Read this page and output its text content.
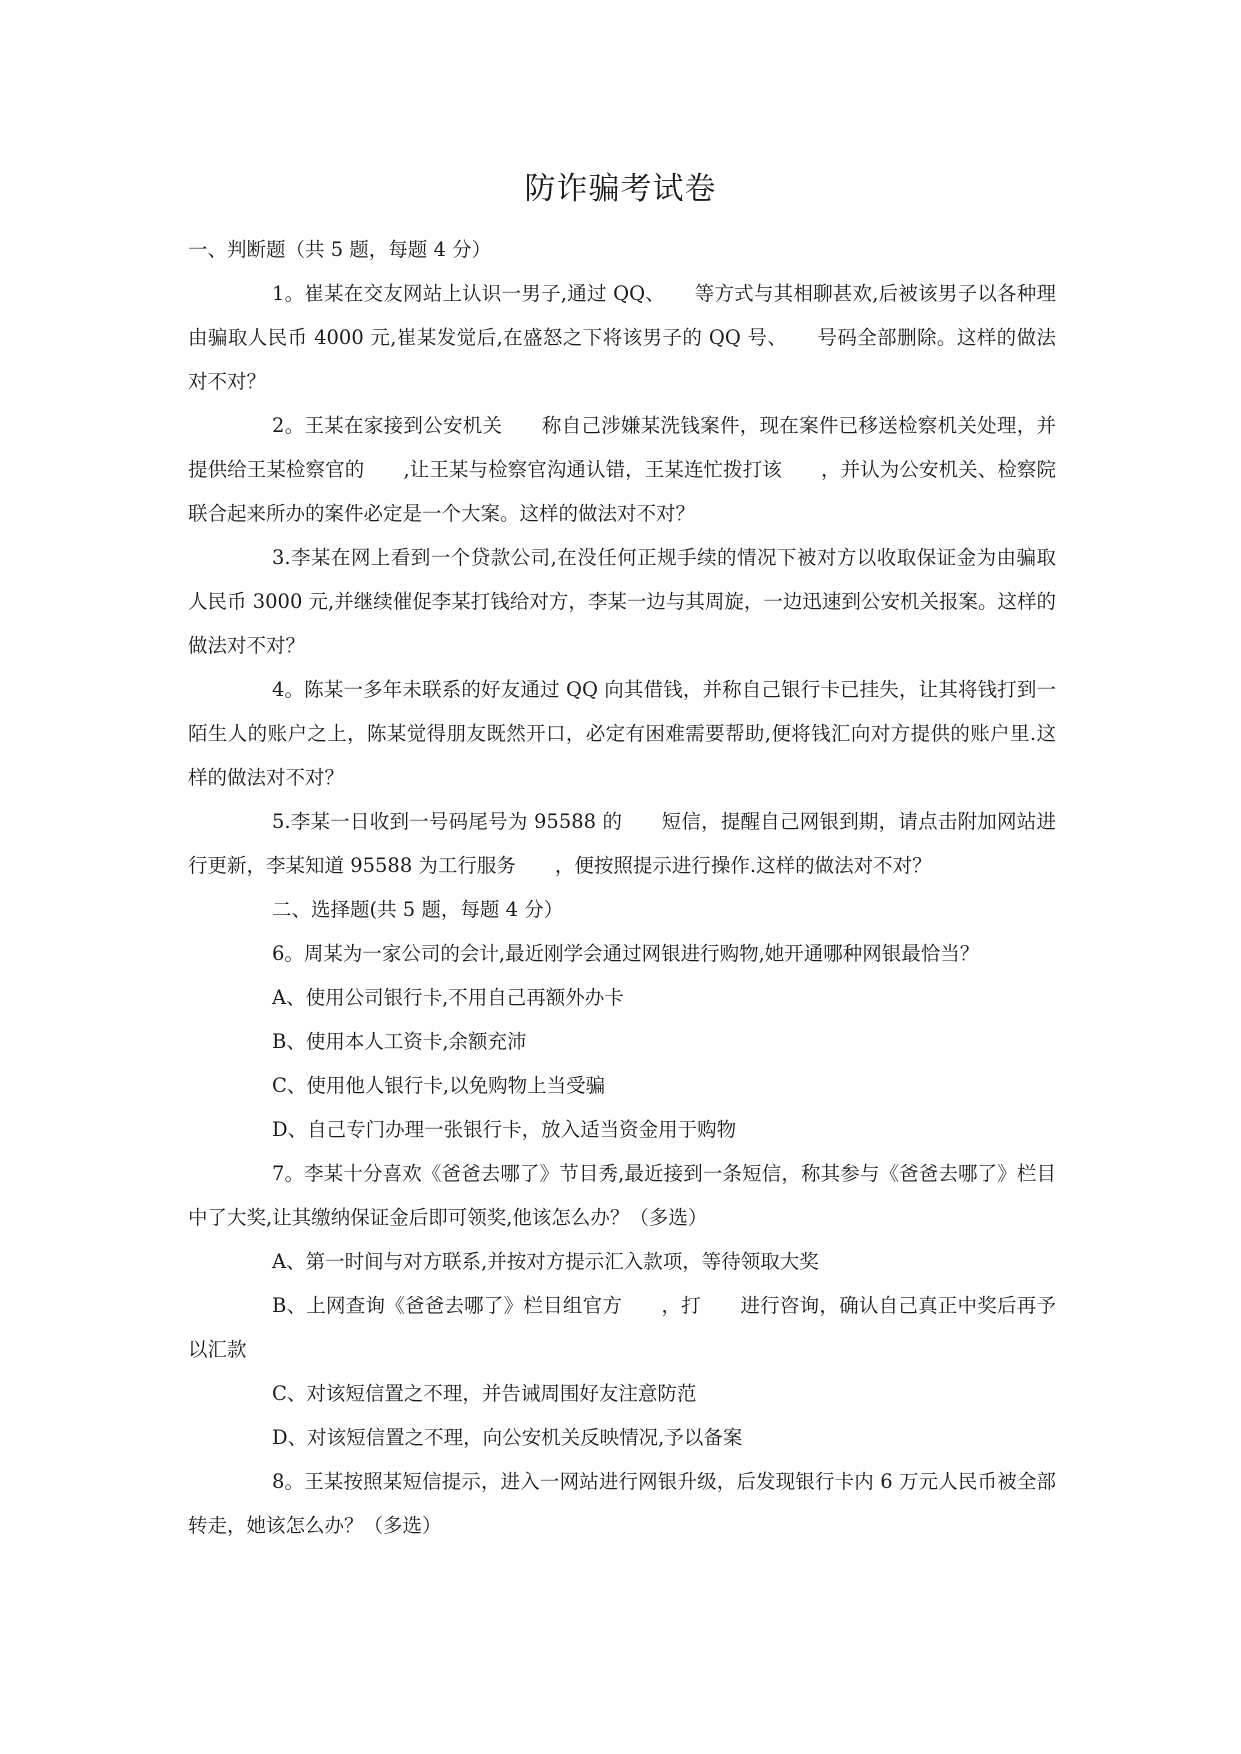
防诈骗考试卷

一、判断题（共 5 题，每题 4 分）

1。崔某在交友网站上认识一男子,通过 QQ、　　等方式与其相聊甚欢,后被该男子以各种理由骗取人民币 4000 元,崔某发觉后,在盛怒之下将该男子的 QQ 号、　　号码全部删除。这样的做法对不对？

2。王某在家接到公安机关　　称自己涉嫌某洗钱案件，现在案件已移送检察机关处理，并提供给王某检察官的　　,让王某与检察官沟通认错，王某连忙拨打该　　，并认为公安机关、检察院联合起来所办的案件必定是一个大案。这样的做法对不对？

3.李某在网上看到一个贷款公司,在没任何正规手续的情况下被对方以收取保证金为由骗取人民币 3000 元,并继续催促李某打钱给对方，李某一边与其周旋，一边迅速到公安机关报案。这样的做法对不对？

4。陈某一多年未联系的好友通过 QQ 向其借钱，并称自己银行卡已挂失，让其将钱打到一陌生人的账户之上，陈某觉得朋友既然开口，必定有困难需要帮助,便将钱汇向对方提供的账户里.这样的做法对不对？

5.李某一日收到一号码尾号为 95588 的　　短信，提醒自己网银到期，请点击附加网站进行更新，李某知道 95588 为工行服务　　，便按照提示进行操作.这样的做法对不对？

二、选择题(共 5 题，每题 4 分）

6。周某为一家公司的会计,最近刚学会通过网银进行购物,她开通哪种网银最恰当？

A、使用公司银行卡,不用自己再额外办卡

B、使用本人工资卡,余额充沛

C、使用他人银行卡,以免购物上当受骗

D、自己专门办理一张银行卡，放入适当资金用于购物

7。李某十分喜欢《爸爸去哪了》节目秀,最近接到一条短信，称其参与《爸爸去哪了》栏目中了大奖,让其缴纳保证金后即可领奖,他该怎么办？（多选）

A、第一时间与对方联系,并按对方提示汇入款项，等待领取大奖

B、上网查询《爸爸去哪了》栏目组官方　　，打　　进行咨询，确认自己真正中奖后再予以汇款

C、对该短信置之不理，并告诫周围好友注意防范

D、对该短信置之不理，向公安机关反映情况,予以备案

8。王某按照某短信提示，进入一网站进行网银升级，后发现银行卡内 6 万元人民币被全部转走，她该怎么办？（多选）
